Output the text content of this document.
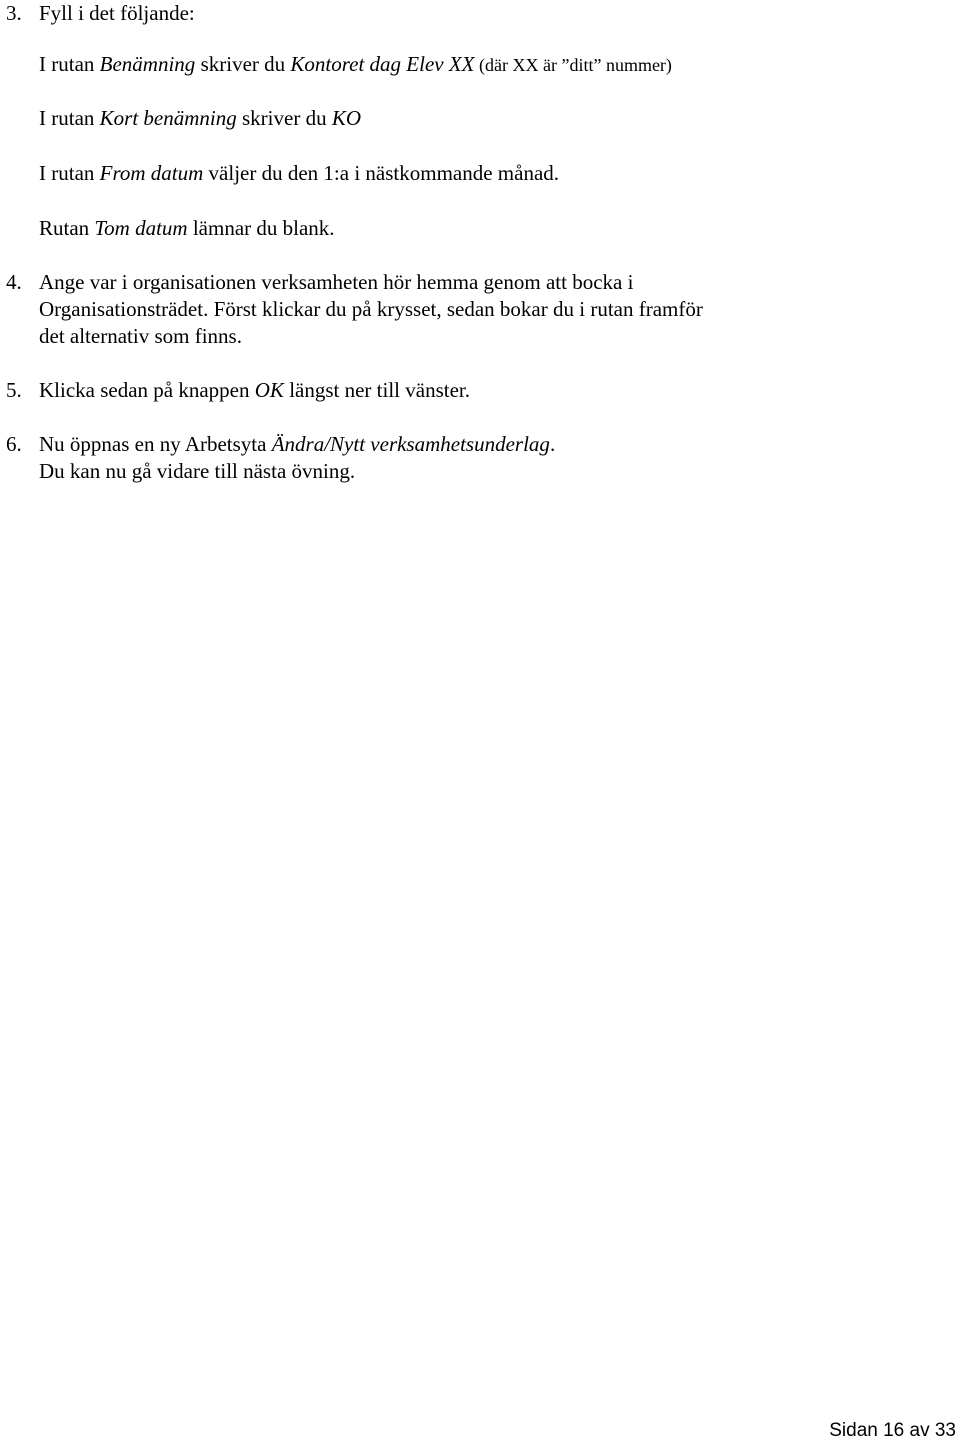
3. Fyll i det följande:
I rutan Benämning skriver du Kontoret dag Elev XX (där XX är ”ditt” nummer)
I rutan Kort benämning skriver du KO
I rutan From datum väljer du den 1:a i nästkommande månad.
Rutan Tom datum lämnar du blank.
4. Ange var i organisationen verksamheten hör hemma genom att bocka i
Organisationsträdet. Först klickar du på krysset, sedan bokar du i rutan framför
det alternativ som finns.
5. Klicka sedan på knappen OK längst ner till vänster.
6. Nu öppnas en ny Arbetsyta Ändra/Nytt verksamhetsunderlag.
Du kan nu gå vidare till nästa övning.
Sidan 16 av 33
